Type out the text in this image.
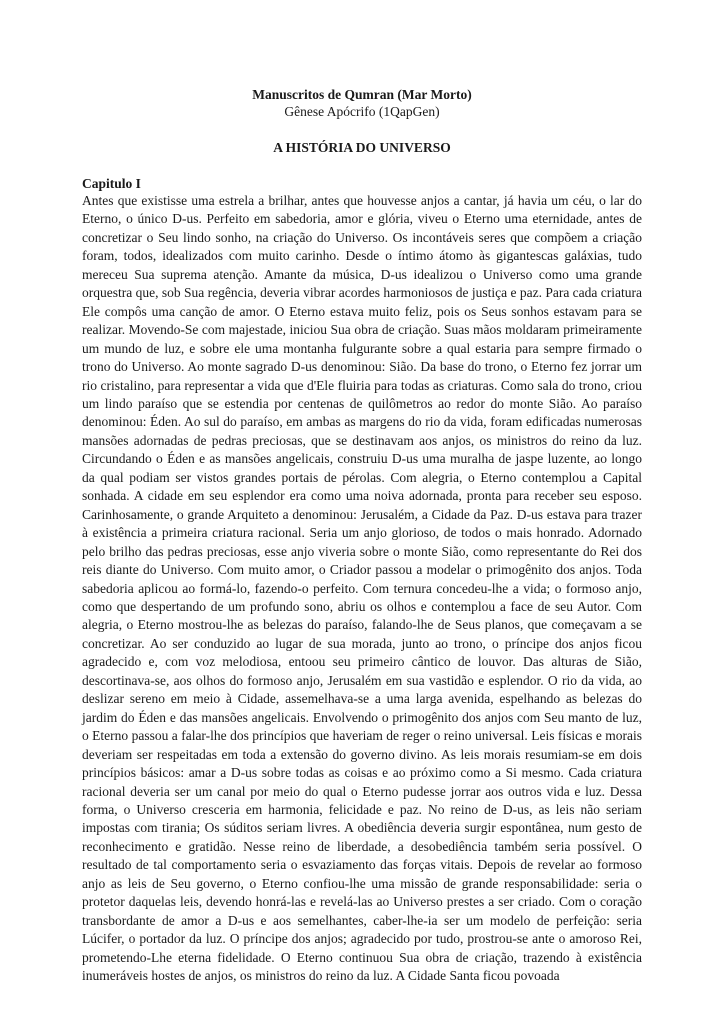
Manuscritos de Qumran (Mar Morto)
Gênese Apócrifo (1QapGen)
A HISTÓRIA DO UNIVERSO
Capitulo I

Antes que existisse uma estrela a brilhar, antes que houvesse anjos a cantar, já havia um céu, o lar do Eterno, o único D-us. Perfeito em sabedoria, amor e glória, viveu o Eterno uma eternidade, antes de concretizar o Seu lindo sonho, na criação do Universo. Os incontáveis seres que compõem a criação foram, todos, idealizados com muito carinho. Desde o íntimo átomo às gigantescas galáxias, tudo mereceu Sua suprema atenção. Amante da música, D-us idealizou o Universo como uma grande orquestra que, sob Sua regência, deveria vibrar acordes harmoniosos de justiça e paz. Para cada criatura Ele compôs uma canção de amor. O Eterno estava muito feliz, pois os Seus sonhos estavam para se realizar. Movendo-Se com majestade, iniciou Sua obra de criação. Suas mãos moldaram primeiramente um mundo de luz, e sobre ele uma montanha fulgurante sobre a qual estaria para sempre firmado o trono do Universo. Ao monte sagrado D-us denominou: Sião. Da base do trono, o Eterno fez jorrar um rio cristalino, para representar a vida que d'Ele fluiria para todas as criaturas. Como sala do trono, criou um lindo paraíso que se estendia por centenas de quilômetros ao redor do monte Sião. Ao paraíso denominou: Éden. Ao sul do paraíso, em ambas as margens do rio da vida, foram edificadas numerosas mansões adornadas de pedras preciosas, que se destinavam aos anjos, os ministros do reino da luz. Circundando o Éden e as mansões angelicais, construiu D-us uma muralha de jaspe luzente, ao longo da qual podiam ser vistos grandes portais de pérolas. Com alegria, o Eterno contemplou a Capital sonhada. A cidade em seu esplendor era como uma noiva adornada, pronta para receber seu esposo. Carinhosamente, o grande Arquiteto a denominou: Jerusalém, a Cidade da Paz. D-us estava para trazer à existência a primeira criatura racional. Seria um anjo glorioso, de todos o mais honrado. Adornado pelo brilho das pedras preciosas, esse anjo viveria sobre o monte Sião, como representante do Rei dos reis diante do Universo. Com muito amor, o Criador passou a modelar o primogênito dos anjos. Toda sabedoria aplicou ao formá-lo, fazendo-o perfeito. Com ternura concedeu-lhe a vida; o formoso anjo, como que despertando de um profundo sono, abriu os olhos e contemplou a face de seu Autor. Com alegria, o Eterno mostrou-lhe as belezas do paraíso, falando-lhe de Seus planos, que começavam a se concretizar. Ao ser conduzido ao lugar de sua morada, junto ao trono, o príncipe dos anjos ficou agradecido e, com voz melodiosa, entoou seu primeiro cântico de louvor. Das alturas de Sião, descortinava-se, aos olhos do formoso anjo, Jerusalém em sua vastidão e esplendor. O rio da vida, ao deslizar sereno em meio à Cidade, assemelhava-se a uma larga avenida, espelhando as belezas do jardim do Éden e das mansões angelicais. Envolvendo o primogênito dos anjos com Seu manto de luz, o Eterno passou a falar-lhe dos princípios que haveriam de reger o reino universal. Leis físicas e morais deveriam ser respeitadas em toda a extensão do governo divino. As leis morais resumiam-se em dois princípios básicos: amar a D-us sobre todas as coisas e ao próximo como a Si mesmo. Cada criatura racional deveria ser um canal por meio do qual o Eterno pudesse jorrar aos outros vida e luz. Dessa forma, o Universo cresceria em harmonia, felicidade e paz. No reino de D-us, as leis não seriam impostas com tirania; Os súditos seriam livres. A obediência deveria surgir espontânea, num gesto de reconhecimento e gratidão. Nesse reino de liberdade, a desobediência também seria possível. O resultado de tal comportamento seria o esvaziamento das forças vitais. Depois de revelar ao formoso anjo as leis de Seu governo, o Eterno confiou-lhe uma missão de grande responsabilidade: seria o protetor daquelas leis, devendo honrá-las e revelá-las ao Universo prestes a ser criado. Com o coração transbordante de amor a D-us e aos semelhantes, caber-lhe-ia ser um modelo de perfeição: seria Lúcifer, o portador da luz. O príncipe dos anjos; agradecido por tudo, prostrou-se ante o amoroso Rei, prometendo-Lhe eterna fidelidade. O Eterno continuou Sua obra de criação, trazendo à existência inumeráveis hostes de anjos, os ministros do reino da luz. A Cidade Santa ficou povoada
